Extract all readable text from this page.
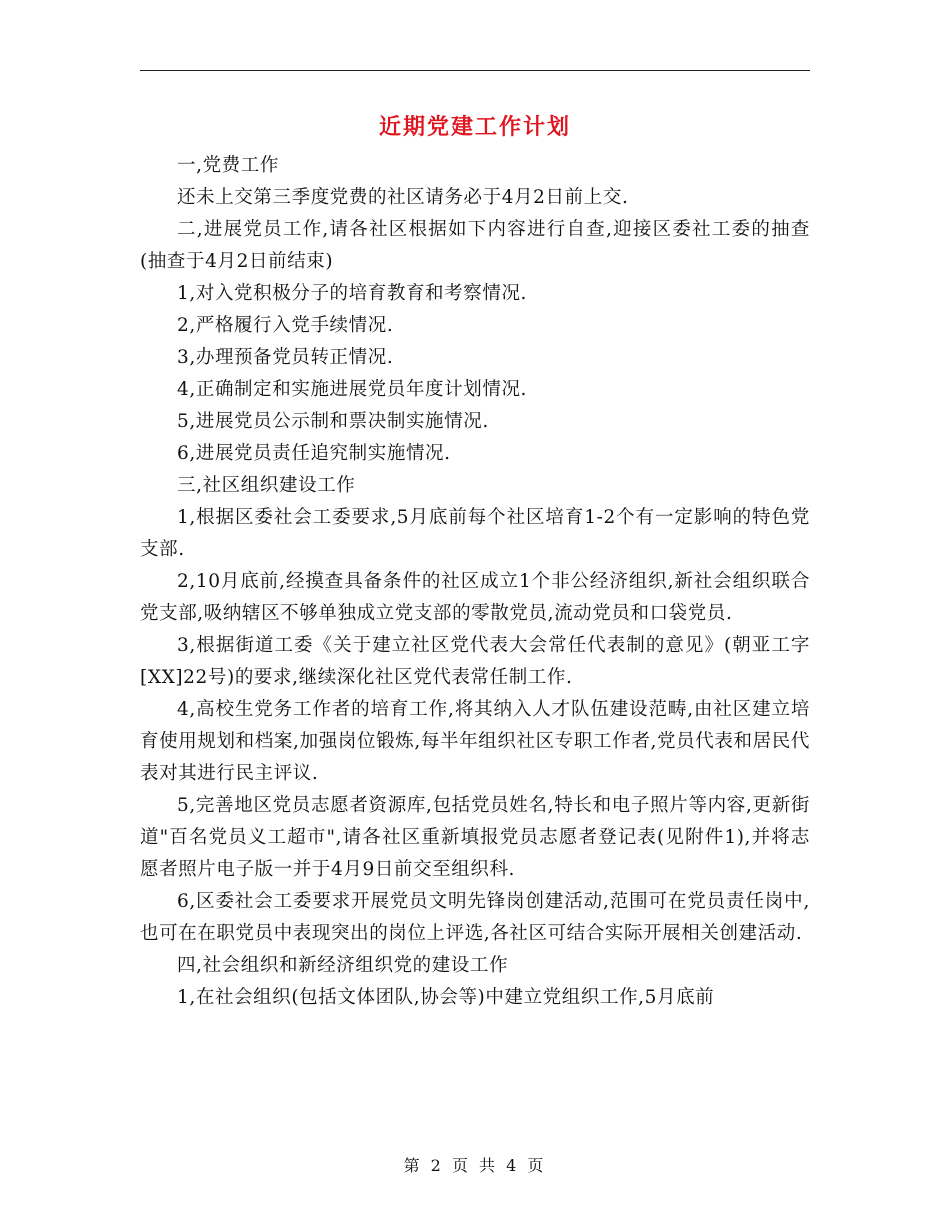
近期党建工作计划

一,党费工作

还未上交第三季度党费的社区请务必于4月2日前上交.

二,进展党员工作,请各社区根据如下内容进行自查,迎接区委社工委的抽查(抽查于4月2日前结束)

1,对入党积极分子的培育教育和考察情况.

2,严格履行入党手续情况.

3,办理预备党员转正情况.

4,正确制定和实施进展党员年度计划情况.

5,进展党员公示制和票决制实施情况.

6,进展党员责任追究制实施情况.

三,社区组织建设工作

1,根据区委社会工委要求,5月底前每个社区培育1-2个有一定影响的特色党支部.

2,10月底前,经摸查具备条件的社区成立1个非公经济组织,新社会组织联合党支部,吸纳辖区不够单独成立党支部的零散党员,流动党员和口袋党员.

3,根据街道工委《关于建立社区党代表大会常任代表制的意见》(朝亚工字[XX]22号)的要求,继续深化社区党代表常任制工作.

4,高校生党务工作者的培育工作,将其纳入人才队伍建设范畴,由社区建立培育使用规划和档案,加强岗位锻炼,每半年组织社区专职工作者,党员代表和居民代表对其进行民主评议.

5,完善地区党员志愿者资源库,包括党员姓名,特长和电子照片等内容,更新街道"百名党员义工超市",请各社区重新填报党员志愿者登记表(见附件1),并将志愿者照片电子版一并于4月9日前交至组织科.

6,区委社会工委要求开展党员文明先锋岗创建活动,范围可在党员责任岗中,也可在在职党员中表现突出的岗位上评选,各社区可结合实际开展相关创建活动.

四,社会组织和新经济组织党的建设工作

1,在社会组织(包括文体团队,协会等)中建立党组织工作,5月底前

第 2 页 共 4 页
